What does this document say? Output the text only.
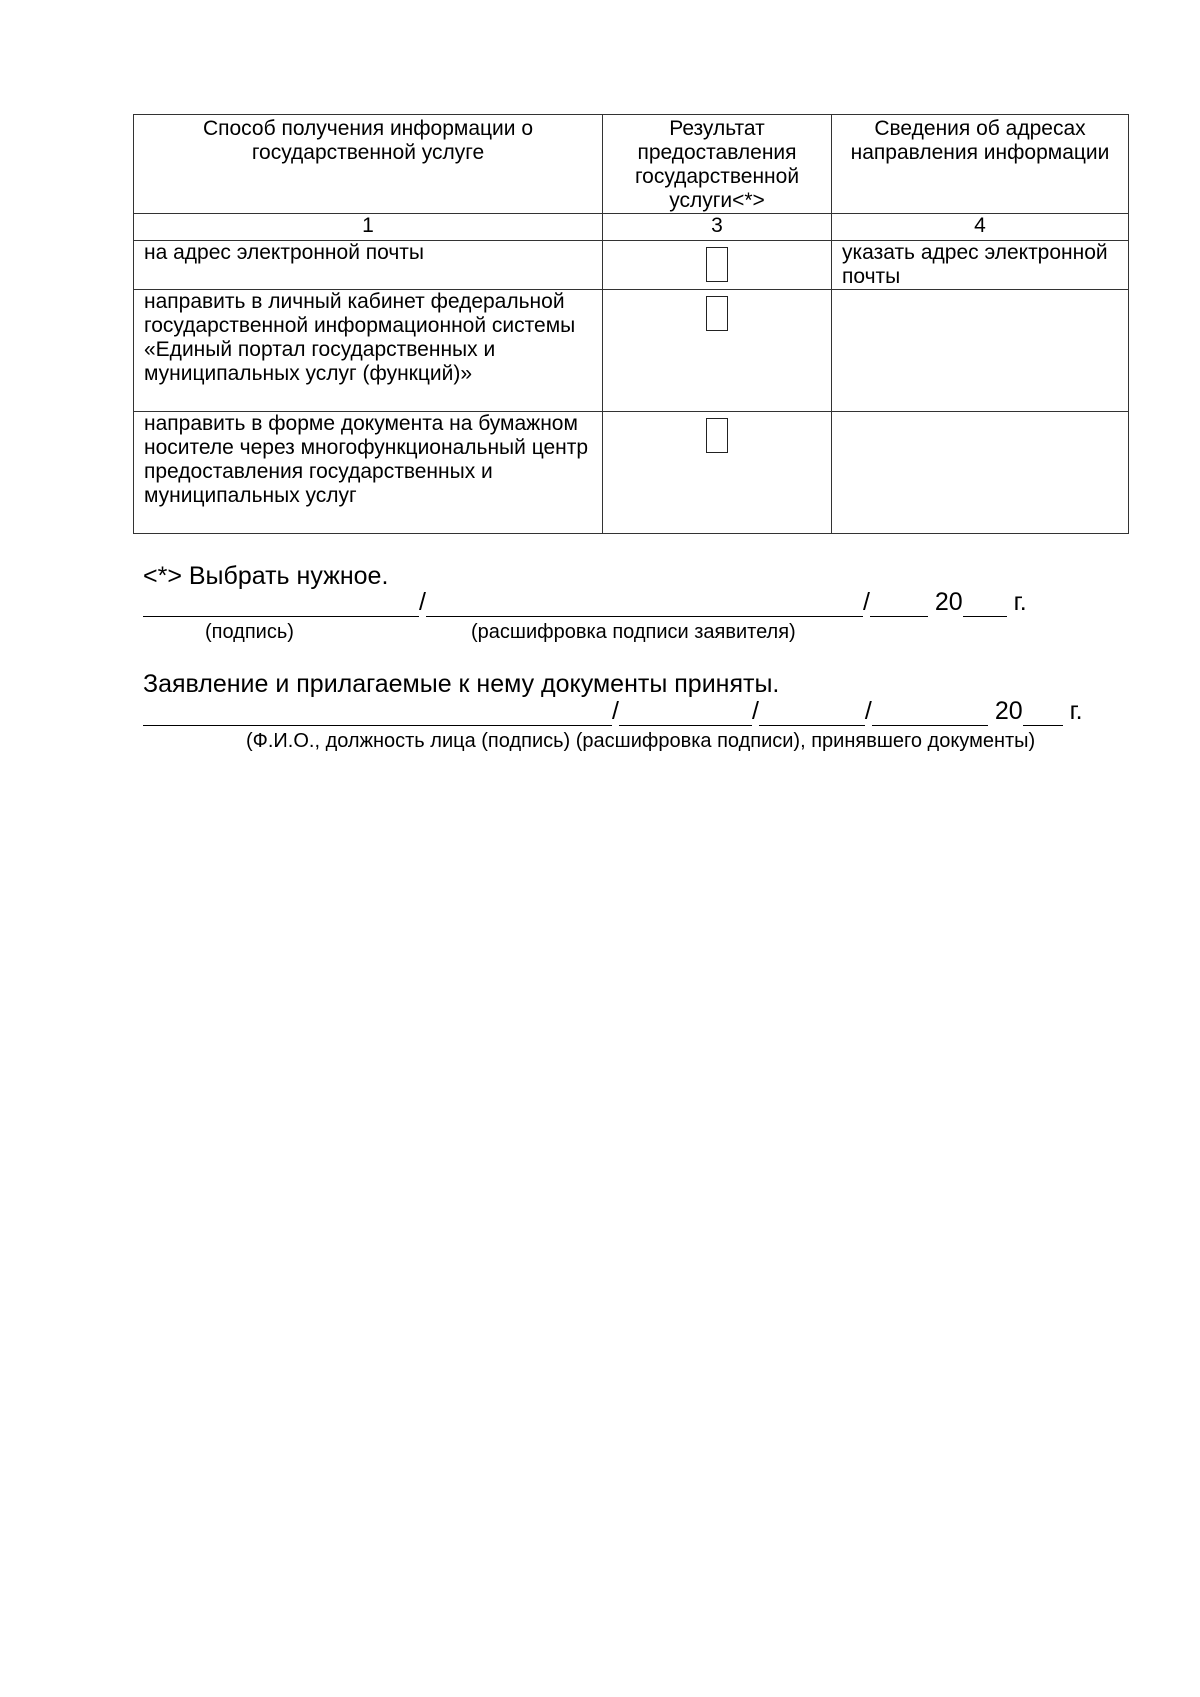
Способ получения информации о государственной услуге	Результат предоставления государственной услуги<*>	Сведения об адресах направления информации
1	3	4
на адрес электронной почты		указать адрес электронной почты
направить в личный кабинет федеральной государственной информационной системы «Единый портал государственных и муниципальных услуг (функций)»		
направить в форме документа на бумажном носителе через многофункциональный центр предоставления государственных и муниципальных услуг		
<*> Выбрать нужное.
/	/	20 г.
(подпись)	(расшифровка подписи заявителя)
Заявление и прилагаемые к нему документы приняты.
/	/	/	20 г.
(Ф.И.О., должность лица (подпись) (расшифровка подписи), принявшего документы)
